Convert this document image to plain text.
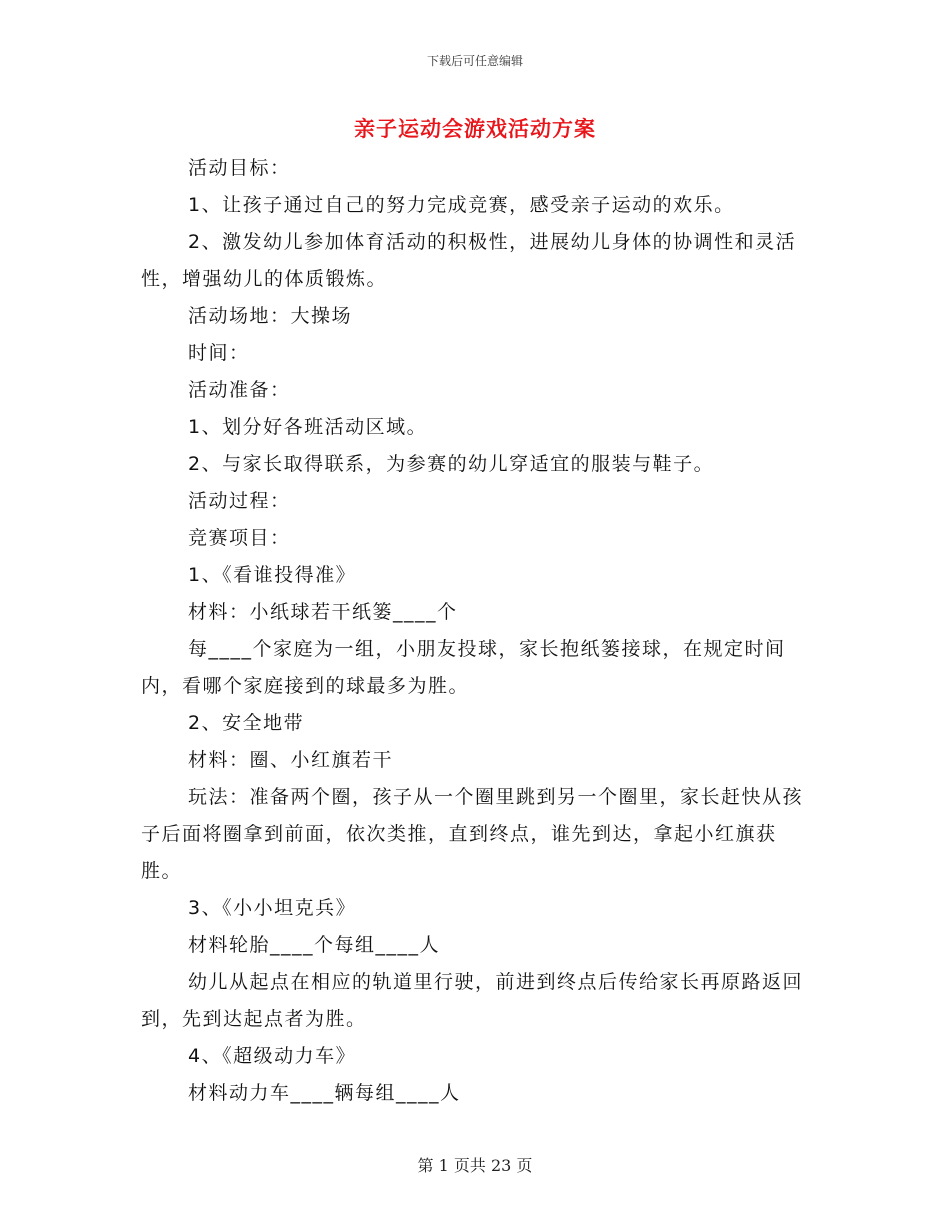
下载后可任意编辑
亲子运动会游戏活动方案

活动目标：

1、让孩子通过自己的努力完成竞赛，感受亲子运动的欢乐。

2、激发幼儿参加体育活动的积极性，进展幼儿身体的协调性和灵活性，增强幼儿的体质锻炼。

活动场地：大操场

时间：

活动准备：

1、划分好各班活动区域。

2、与家长取得联系，为参赛的幼儿穿适宜的服装与鞋子。

活动过程：

竞赛项目：

1、《看谁投得准》

材料：小纸球若干纸篓____个

每____个家庭为一组，小朋友投球，家长抱纸篓接球，在规定时间内，看哪个家庭接到的球最多为胜。

2、安全地带

材料：圈、小红旗若干

玩法：准备两个圈，孩子从一个圈里跳到另一个圈里，家长赶快从孩子后面将圈拿到前面，依次类推，直到终点，谁先到达，拿起小红旗获胜。

3、《小小坦克兵》

材料轮胎____个每组____人

幼儿从起点在相应的轨道里行驶，前进到终点后传给家长再原路返回到，先到达起点者为胜。

4、《超级动力车》

材料动力车____辆每组____人

第 1 页共 23 页
